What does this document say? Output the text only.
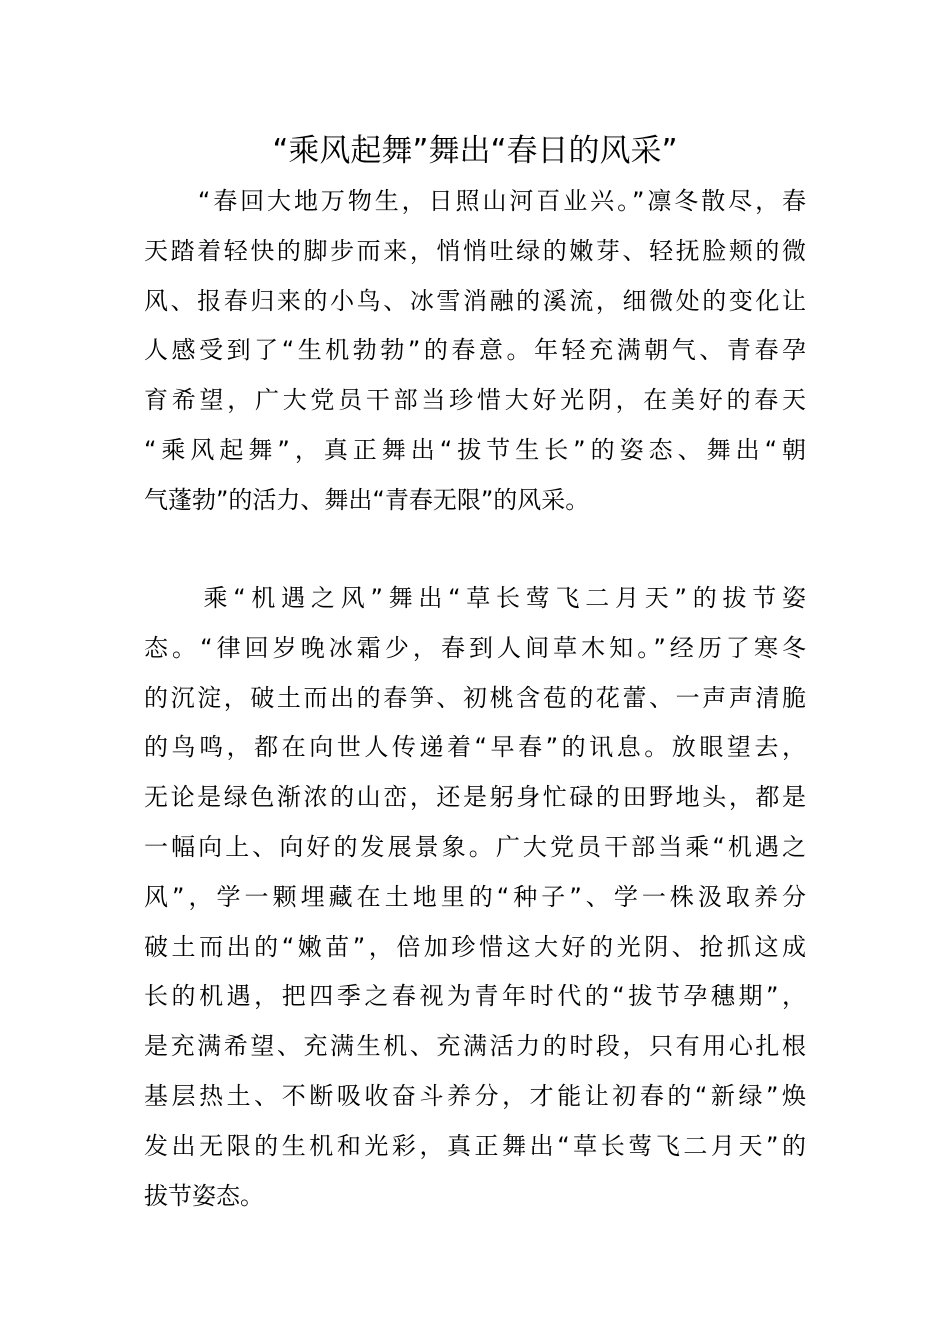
“乘风起舞”舞出“春日的风采”
　　“春回大地万物生，日照山河百业兴。”凛冬散尽，春
天踏着轻快的脚步而来，悄悄吐绿的嫩芽、轻抚脸颊的微
风、报春归来的小鸟、冰雪消融的溪流，细微处的变化让
人感受到了“生机勃勃”的春意。年轻充满朝气、青春孕
育希望，广大党员干部当珍惜大好光阴，在美好的春天
“乘风起舞”，真正舞出“拔节生长”的姿态、舞出“朝
气蓬勃”的活力、舞出“青春无限”的风采。
　　乘“机遇之风”舞出“草长莺飞二月天”的拔节姿
态。“律回岁晚冰霜少，春到人间草木知。”经历了寒冬
的沉淀，破土而出的春笋、初桃含苞的花蕾、一声声清脆
的鸟鸣，都在向世人传递着“早春”的讯息。放眼望去，
无论是绿色渐浓的山峦，还是躬身忙碌的田野地头，都是
一幅向上、向好的发展景象。广大党员干部当乘“机遇之
风”，学一颗埋藏在土地里的“种子”、学一株汲取养分
破土而出的“嫩苗”，倍加珍惜这大好的光阴、抢抓这成
长的机遇，把四季之春视为青年时代的“拔节孕穗期”，
是充满希望、充满生机、充满活力的时段，只有用心扎根
基层热土、不断吸收奋斗养分，才能让初春的“新绿”焕
发出无限的生机和光彩，真正舞出“草长莺飞二月天”的
拔节姿态。
